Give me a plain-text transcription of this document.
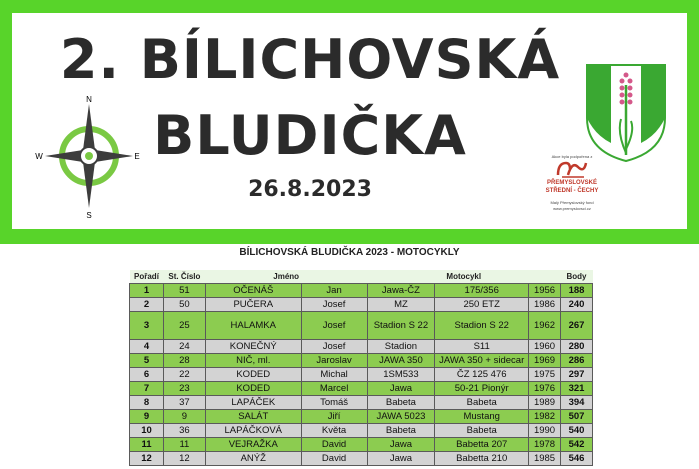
2. BÍLICHOVSKÁ
BLUDIČKA
26.8.2023
N
S
W	E	Akce byla podpořena z
PŘEMYSLOVSKÉ
STŘEDNÍ - ČECHY
Malý Přemyslovský fond
www.premyslovsci.cz
BÍLICHOVSKÁ BLUDIČKA 2023 - MOTOCYKLY
Pořadí	St. Číslo	Jméno		Motocykl			Body
1	51	OČENÁŠ	Jan	Jawa-ČZ	175/356	1956	188
2	50	PUČERA	Josef	MZ	250 ETZ	1986	240
3	25	HALAMKA	Josef	Stadion S 22	Stadion S 22	1962	267
4	24	KONEČNÝ	Josef	Stadion	S11	1960	280
5	28	NIČ, ml.	Jaroslav	JAWA 350	JAWA 350 + sidecar	1969	286
6	22	KODED	Michal	1SM533	ČZ 125 476	1975	297
7	23	KODED	Marcel	Jawa	50-21 Pionýr	1976	321
8	37	LAPÁČEK	Tomáš	Babeta	Babeta	1989	394
9	9	SALÁT	Jiří	JAWA 5023	Mustang	1982	507
10	36	LAPÁČKOVÁ	Květa	Babeta	Babeta	1990	540
11	11	VEJRAŽKA	David	Jawa	Babetta 207	1978	542
12	12	ANÝŽ	David	Jawa	Babetta 210	1985	546
